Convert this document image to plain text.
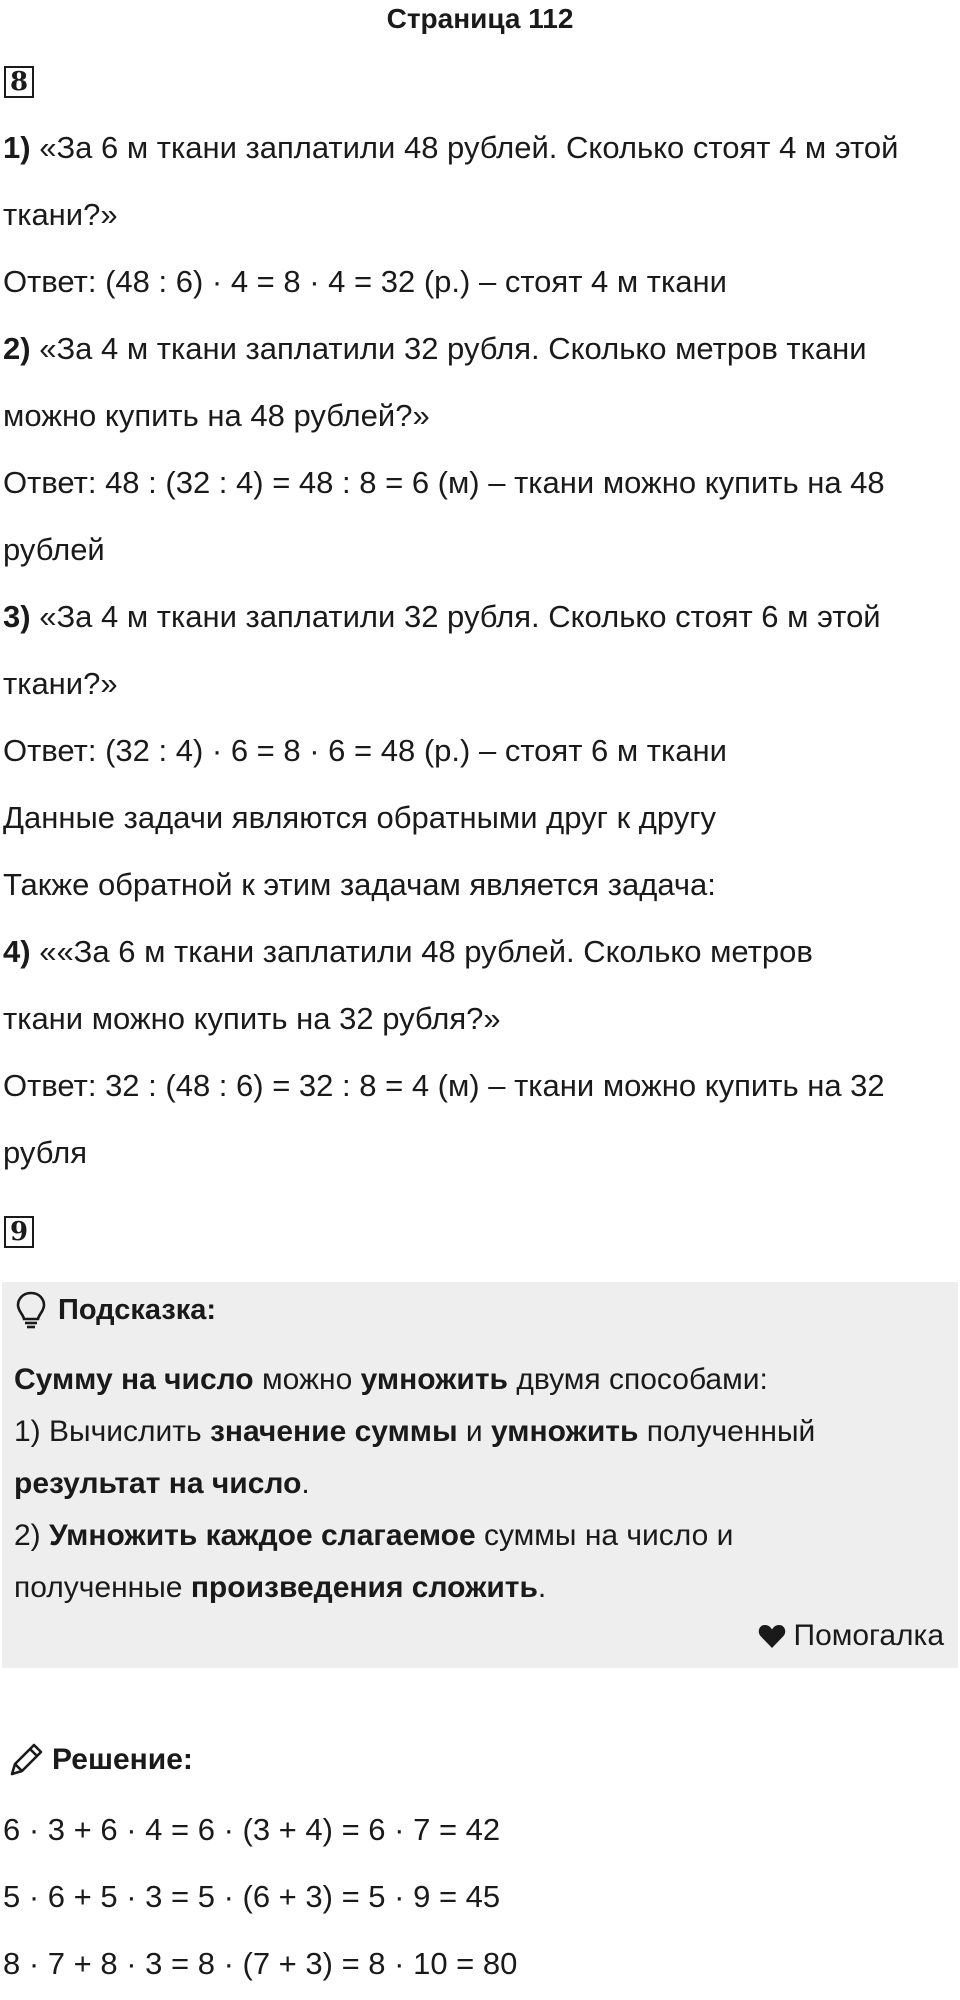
Страница 112
8
1) «За 6 м ткани заплатили 48 рублей. Сколько стоят 4 м этой
ткани?»
Ответ: (48 : 6) · 4 = 8 · 4 = 32 (р.) – стоят 4 м ткани
2) «За 4 м ткани заплатили 32 рубля. Сколько метров ткани
можно купить на 48 рублей?»
Ответ: 48 : (32 : 4) = 48 : 8 = 6 (м) – ткани можно купить на 48
рублей
3) «За 4 м ткани заплатили 32 рубля. Сколько стоят 6 м этой
ткани?»
Ответ: (32 : 4) · 6 = 8 · 6 = 48 (р.) – стоят 6 м ткани
Данные задачи являются обратными друг к другу
Также обратной к этим задачам является задача:
4) ««За 6 м ткани заплатили 48 рублей. Сколько метров
ткани можно купить на 32 рубля?»
Ответ: 32 : (48 : 6) = 32 : 8 = 4 (м) – ткани можно купить на 32
рубля
9
Подсказка:
Сумму на число можно умножить двумя способами:
1) Вычислить значение суммы и умножить полученный
результат на число.
2) Умножить каждое слагаемое суммы на число и
полученные произведения сложить.
Помогалка
Решение:
6 · 3 + 6 · 4 = 6 · (3 + 4) = 6 · 7 = 42
5 · 6 + 5 · 3 = 5 · (6 + 3) = 5 · 9 = 45
8 · 7 + 8 · 3 = 8 · (7 + 3) = 8 · 10 = 80
